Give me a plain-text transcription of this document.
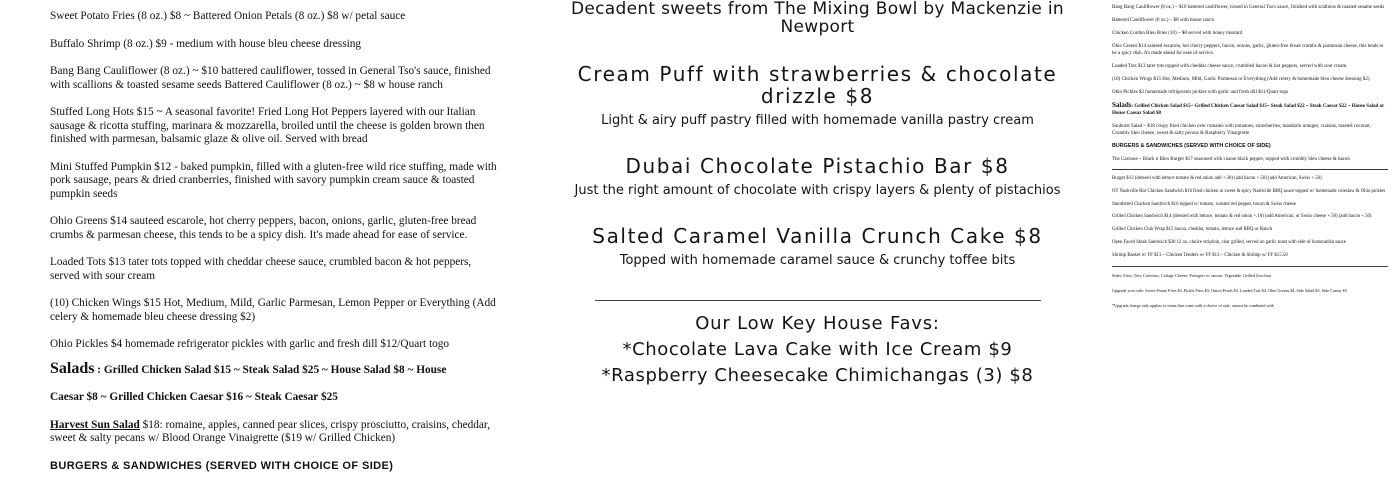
Sweet Potato Fries (8 oz.) $8 ~ Battered Onion Petals (8 oz.) $8 w/ petal sauce

Buffalo Shrimp (8 oz.) $9 - medium with house bleu cheese dressing

Bang Bang Cauliflower (8 oz.) ~ $10 battered cauliflower, tossed in General Tso's sauce, finished with scallions & toasted sesame seeds Battered Cauliflower (8 oz.) ~ $8 w house ranch

Stuffed Long Hots $15 ~ A seasonal favorite! Fried Long Hot Peppers layered with our Italian sausage & ricotta stuffing, marinara & mozzarella, broiled until the cheese is golden brown then finished with parmesan, balsamic glaze & olive oil. Served with bread

Mini Stuffed Pumpkin $12 - baked pumpkin, filled with a gluten-free wild rice stuffing, made with pork sausage, pears & dried cranberries, finished with savory pumpkin cream sauce & toasted pumpkin seeds

Ohio Greens $14 sauteed escarole, hot cherry peppers, bacon, onions, garlic, gluten-free bread crumbs & parmesan cheese, this tends to be a spicy dish. It's made ahead for ease of service.

Loaded Tots $13 tater tots topped with cheddar cheese sauce, crumbled bacon & hot peppers, served with sour cream

(10) Chicken Wings $15 Hot, Medium, Mild, Garlic Parmesan, Lemon Pepper or Everything (Add celery & homemade bleu cheese dressing $2)

Ohio Pickles $4 homemade refrigerator pickles with garlic and fresh dill $12/Quart togo

Salads : Grilled Chicken Salad $15 ~ Steak Salad $25 ~ House Salad $8 ~ House

Caesar $8 ~ Grilled Chicken Caesar $16 ~ Steak Caesar $25

Harvest Sun Salad $18: romaine, apples, canned pear slices, crispy prosciutto, craisins, cheddar, sweet & salty pecans w/ Blood Orange Vinaigrette ($19 w/ Grilled Chicken)

BURGERS & SANDWICHES (SERVED WITH CHOICE OF SIDE)

Decadent sweets from The Mixing Bowl by Mackenzie in Newport

Cream Puff with strawberries & chocolate drizzle $8

Light & airy puff pastry filled with homemade vanilla pastry cream

Dubai Chocolate Pistachio Bar $8

Just the right amount of chocolate with crispy layers & plenty of pistachios

Salted Caramel Vanilla Crunch Cake $8

Topped with homemade caramel sauce & crunchy toffee bits

Our Low Key House Favs:

*Chocolate Lava Cake with Ice Cream $9

*Raspberry Cheesecake Chimichangas (3) $8

Bang Bang Cauliflower (8 oz.) ~ $10 battered cauliflower, tossed in General Tso's sauce, finished with scallions & toasted sesame seeds

Battered Cauliflower (8 oz.) ~ $8 with house ranch

Chicken Cordon Bleu Bites (10) ~ $8 served with honey mustard

Ohio Greens $14 sauteed escarole, hot cherry peppers, bacon, onions, garlic, gluten-free bread crumbs & parmesan cheese, this tends to be a spicy dish. It's made ahead for ease of service.

Loaded Tots $13 tater tots topped with cheddar cheese sauce, crumbled bacon & hot peppers, served with sour cream

(10) Chicken Wings $15 Hot, Medium, Mild, Garlic Parmesan or Everything (Add celery & homemade bleu cheese dressing $2)

Ohio Pickles $3 homemade refrigerator pickles with garlic and fresh dill $11/Quart togo

Salads: Grilled Chicken Salad $15~ Grilled Chicken Caesar Salad $15~ Steak Salad $22 ~ Steak Caesar $22 ~ House Salad or House Caesar Salad $8

Sunburst Salad ~ $18 crispy fried chicken over romaine with tomatoes, strawberries, mandarin oranges, craisins, toasted coconut, Crumbly bleu cheese, sweet & salty pecans & Raspberry Vinaigrette

BURGERS & SANDWICHES (SERVED WITH CHOICE OF SIDE)

The Carzone ~ Black n Bleu Burger $17 seasoned with coarse black pepper, topped with crumbly bleu cheese & bacon

Burger $13 (dressed with lettuce tomato & red onion add +.30) (add bacon +.50) (add American, Swiss +.50)

OT Nashville Hot Chicken Sandwich $16 fried chicken in sweet & spicy Nashville BBQ sauce topped w/ homemade coleslaw & Ohio pickles

Smothered Chicken Sandwich $16 topped w/ tomato, roasted red pepper, bacon & Swiss cheese

Grilled Chicken Sandwich $14 (dressed with lettuce, tomato & red onion +.10) (add American, or Swiss cheese +.50) (add bacon +.50)

Grilled Chicken Club Wrap $15 bacon, cheddar, tomato, lettuce and BBQ or Ranch

Open Faced Steak Sandwich $30 12 oz. choice striploin, char grilled, served on garlic toast with side of horseradish sauce

Shrimp Basket w/ FF $13 ~ Chicken Tenders w/ FF $13 ~ Chicken & Shrimp w/ FF $15.50

Sides: Fries; Tots; Coleslaw; Cottage Cheese; Pierogies w/ onions. Vegetable: Grilled Zucchini

Upgrade your side: Sweet Potato Fries $3, Pickle Fries $3, Onion Petals $3, Loaded Tots $4, Ohio Greens $4, Side Salad $3, Side Caesar $3

*Upgrade charge only applies to items that come with a choice of side, cannot be combined with
